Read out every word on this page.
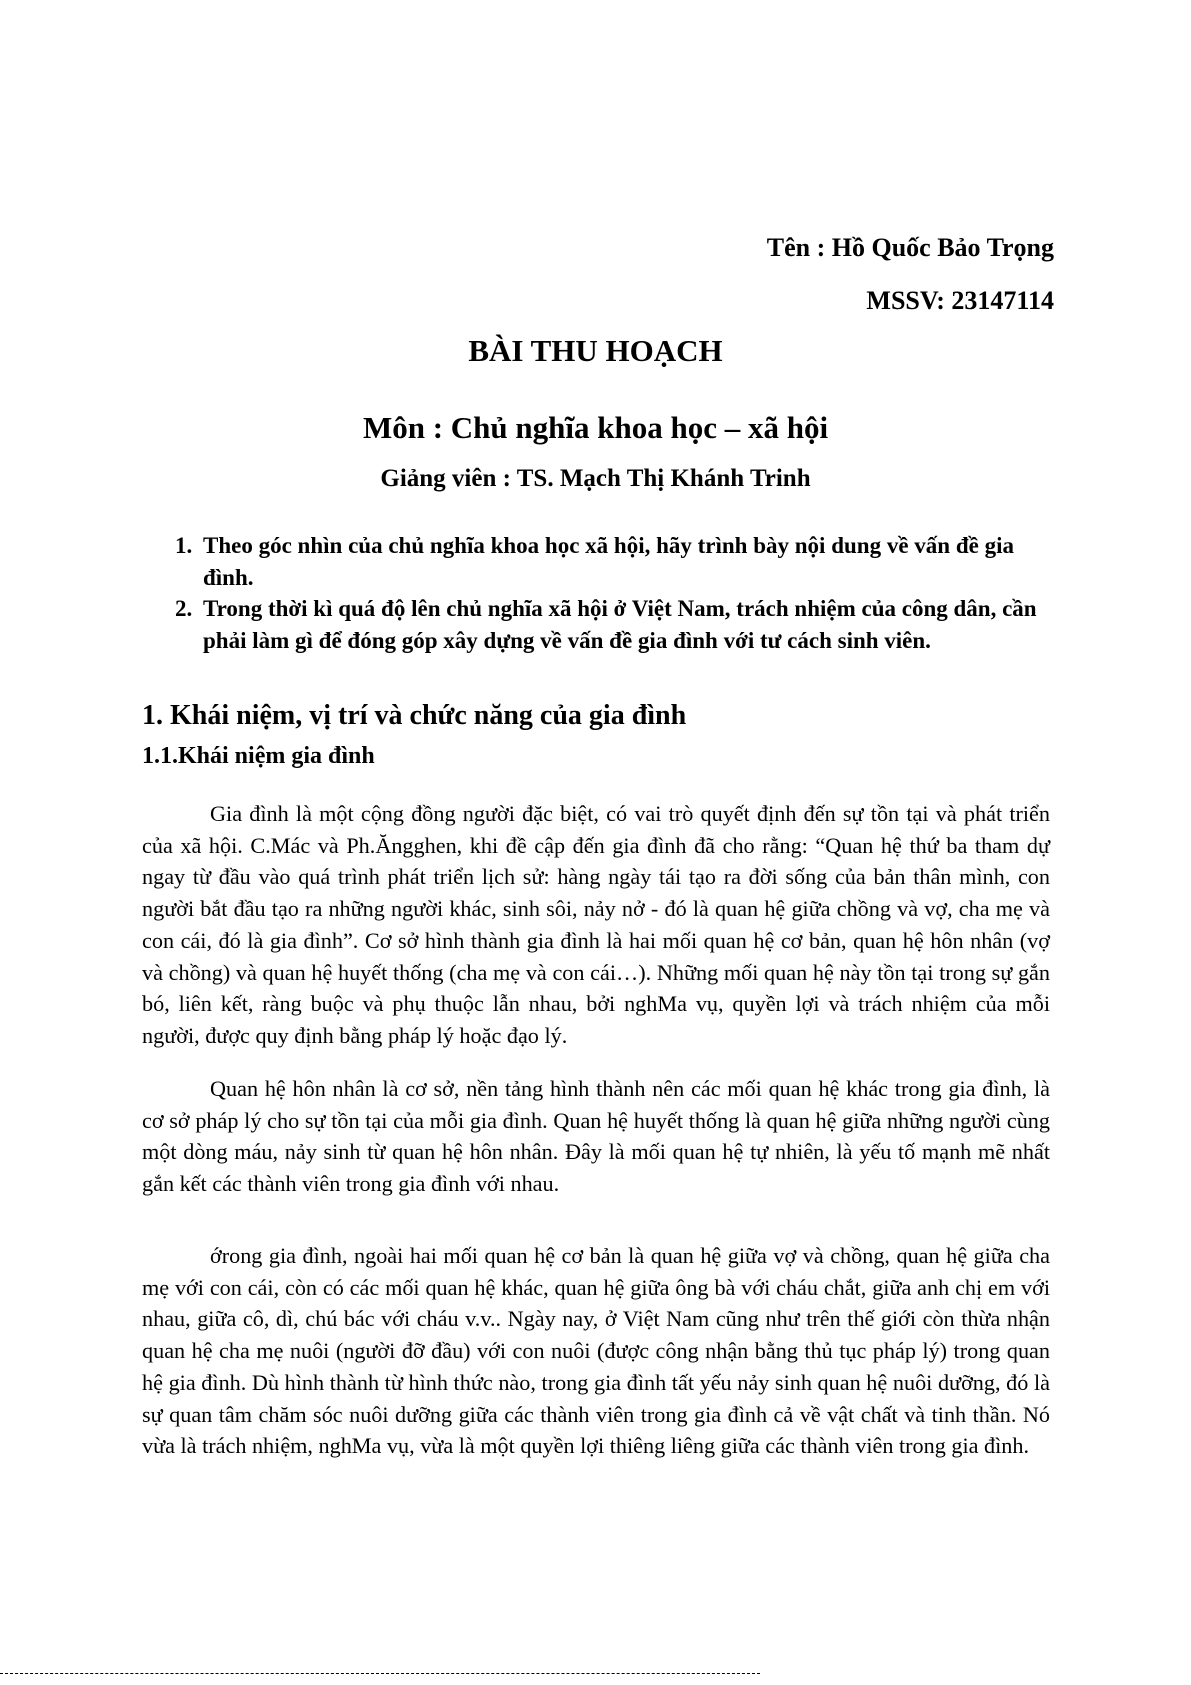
Tên : Hồ Quốc Bảo Trọng
MSSV: 23147114
BÀI THU HOẠCH
Môn : Chủ nghĩa khoa học – xã hội
Giảng viên : TS. Mạch Thị Khánh Trinh
1. Theo góc nhìn của chủ nghĩa khoa học xã hội, hãy trình bày nội dung về vấn đề gia đình.
2. Trong thời kì quá độ lên chủ nghĩa xã hội ở Việt Nam, trách nhiệm của công dân, cần phải làm gì để đóng góp xây dựng về vấn đề gia đình với tư cách sinh viên.
1. Khái niệm, vị trí và chức năng của gia đình
1.1.Khái niệm gia đình

Gia đình là một cộng đồng người đặc biệt, có vai trò quyết định đến sự tồn tại và phát triển của xã hội. C.Mác và Ph.Ăngghen, khi đề cập đến gia đình đã cho rằng: “Quan hệ thứ ba tham dự ngay từ đầu vào quá trình phát triển lịch sử: hàng ngày tái tạo ra đời sống của bản thân mình, con người bắt đầu tạo ra những người khác, sinh sôi, nảy nở - đó là quan hệ giữa chồng và vợ, cha mẹ và con cái, đó là gia đình”. Cơ sở hình thành gia đình là hai mối quan hệ cơ bản, quan hệ hôn nhân (vợ và chồng) và quan hệ huyết thống (cha mẹ và con cái…). Những mối quan hệ này tồn tại trong sự gắn bó, liên kết, ràng buộc và phụ thuộc lẫn nhau, bởi nghMa vụ, quyền lợi và trách nhiệm của mỗi người, được quy định bằng pháp lý hoặc đạo lý.

Quan hệ hôn nhân là cơ sở, nền tảng hình thành nên các mối quan hệ khác trong gia đình, là cơ sở pháp lý cho sự tồn tại của mỗi gia đình. Quan hệ huyết thống là quan hệ giữa những người cùng một dòng máu, nảy sinh từ quan hệ hôn nhân. Đây là mối quan hệ tự nhiên, là yếu tố mạnh mẽ nhất gắn kết các thành viên trong gia đình với nhau.

ớrong gia đình, ngoài hai mối quan hệ cơ bản là quan hệ giữa vợ và chồng, quan hệ giữa cha mẹ với con cái, còn có các mối quan hệ khác, quan hệ giữa ông bà với cháu chắt, giữa anh chị em với nhau, giữa cô, dì, chú bác với cháu v.v.. Ngày nay, ở Việt Nam cũng như trên thế giới còn thừa nhận quan hệ cha mẹ nuôi (người đỡ đầu) với con nuôi (được công nhận bằng thủ tục pháp lý) trong quan hệ gia đình. Dù hình thành từ hình thức nào, trong gia đình tất yếu nảy sinh quan hệ nuôi dưỡng, đó là sự quan tâm chăm sóc nuôi dưỡng giữa các thành viên trong gia đình cả về vật chất và tinh thần. Nó vừa là trách nhiệm, nghMa vụ, vừa là một quyền lợi thiêng liêng giữa các thành viên trong gia đình.
